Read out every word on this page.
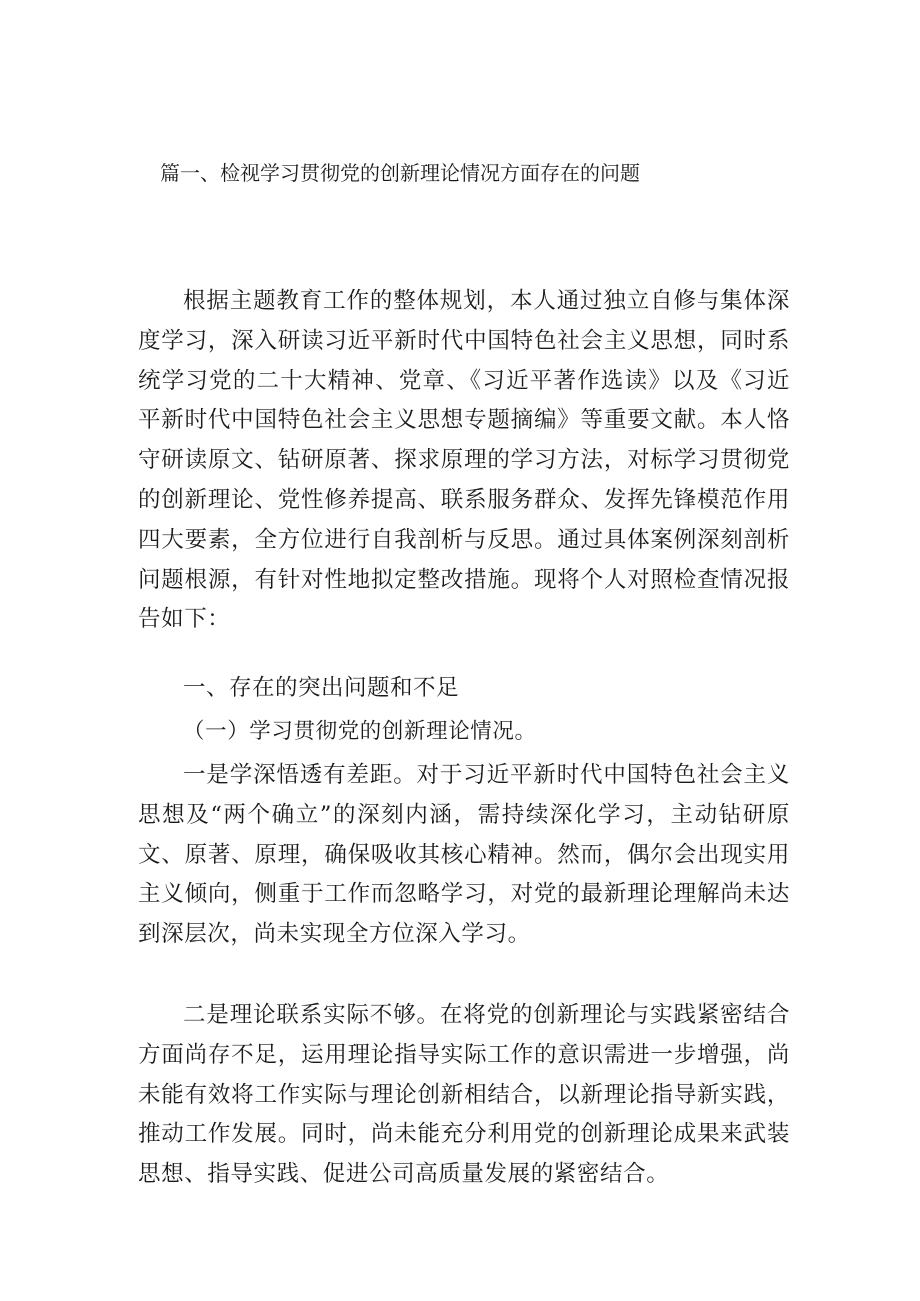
篇一、检视学习贯彻党的创新理论情况方面存在的问题

根据主题教育工作的整体规划，本人通过独立自修与集体深度学习，深入研读习近平新时代中国特色社会主义思想，同时系统学习党的二十大精神、党章、《习近平著作选读》以及《习近平新时代中国特色社会主义思想专题摘编》等重要文献。本人恪守研读原文、钻研原著、探求原理的学习方法，对标学习贯彻党的创新理论、党性修养提高、联系服务群众、发挥先锋模范作用四大要素，全方位进行自我剖析与反思。通过具体案例深刻剖析问题根源，有针对性地拟定整改措施。现将个人对照检查情况报告如下：

一、存在的突出问题和不足
（一）学习贯彻党的创新理论情况。

一是学深悟透有差距。对于习近平新时代中国特色社会主义思想及“两个确立”的深刻内涵，需持续深化学习，主动钻研原文、原著、原理，确保吸收其核心精神。然而，偶尔会出现实用主义倾向，侧重于工作而忽略学习，对党的最新理论理解尚未达到深层次，尚未实现全方位深入学习。

二是理论联系实际不够。在将党的创新理论与实践紧密结合方面尚存不足，运用理论指导实际工作的意识需进一步增强，尚未能有效将工作实际与理论创新相结合，以新理论指导新实践，推动工作发展。同时，尚未能充分利用党的创新理论成果来武装思想、指导实践、促进公司高质量发展的紧密结合。
